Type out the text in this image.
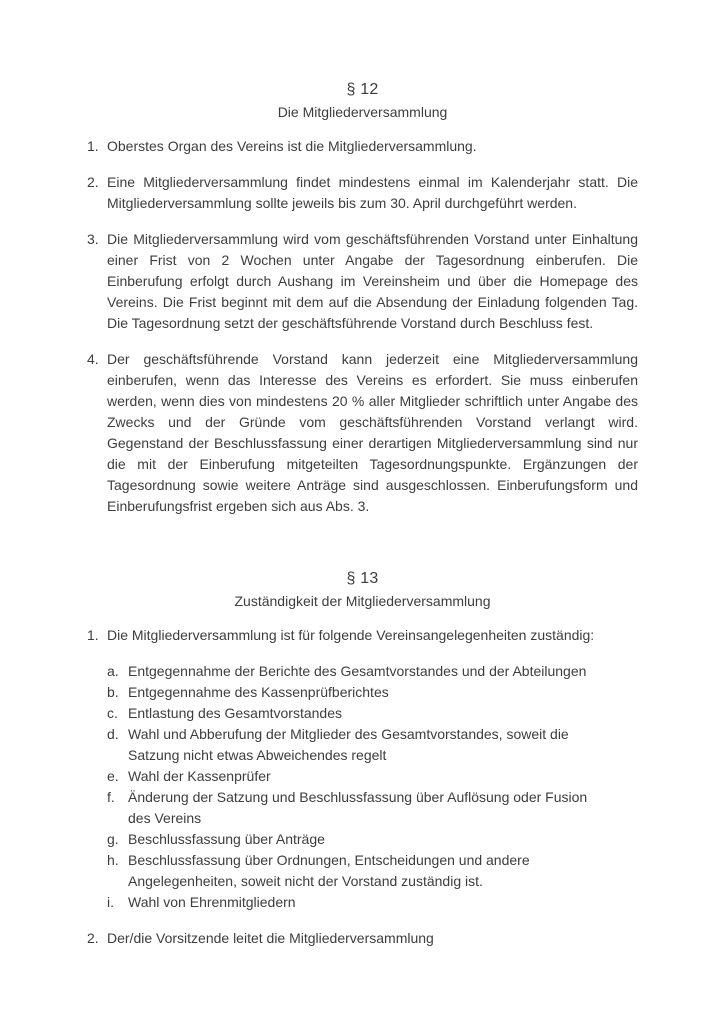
§ 12
Die Mitgliederversammlung
1. Oberstes Organ des Vereins ist die Mitgliederversammlung.
2. Eine Mitgliederversammlung findet mindestens einmal im Kalenderjahr statt. Die Mitgliederversammlung sollte jeweils bis zum 30. April durchgeführt werden.
3. Die Mitgliederversammlung wird vom geschäftsführenden Vorstand unter Einhaltung einer Frist von 2 Wochen unter Angabe der Tagesordnung einberufen. Die Einberufung erfolgt durch Aushang im Vereinsheim und über die Homepage des Vereins. Die Frist beginnt mit dem auf die Absendung der Einladung folgenden Tag. Die Tagesordnung setzt der geschäftsführende Vorstand durch Beschluss fest.
4. Der geschäftsführende Vorstand kann jederzeit eine Mitgliederversammlung einberufen, wenn das Interesse des Vereins es erfordert. Sie muss einberufen werden, wenn dies von mindestens 20 % aller Mitglieder schriftlich unter Angabe des Zwecks und der Gründe vom geschäftsführenden Vorstand verlangt wird. Gegenstand der Beschlussfassung einer derartigen Mitgliederversammlung sind nur die mit der Einberufung mitgeteilten Tagesordnungspunkte. Ergänzungen der Tagesordnung sowie weitere Anträge sind ausgeschlossen. Einberufungsform und Einberufungsfrist ergeben sich aus Abs. 3.
§ 13
Zuständigkeit der Mitgliederversammlung
1. Die Mitgliederversammlung ist für folgende Vereinsangelegenheiten zuständig:
a. Entgegennahme der Berichte des Gesamtvorstandes und der Abteilungen
b. Entgegennahme des Kassenprüfberichtes
c. Entlastung des Gesamtvorstandes
d. Wahl und Abberufung der Mitglieder des Gesamtvorstandes, soweit die Satzung nicht etwas Abweichendes regelt
e. Wahl der Kassenprüfer
f. Änderung der Satzung und Beschlussfassung über Auflösung oder Fusion des Vereins
g. Beschlussfassung über Anträge
h. Beschlussfassung über Ordnungen, Entscheidungen und andere Angelegenheiten, soweit nicht der Vorstand zuständig ist.
i.	Wahl von Ehrenmitgliedern
2. Der/die Vorsitzende leitet die Mitgliederversammlung
